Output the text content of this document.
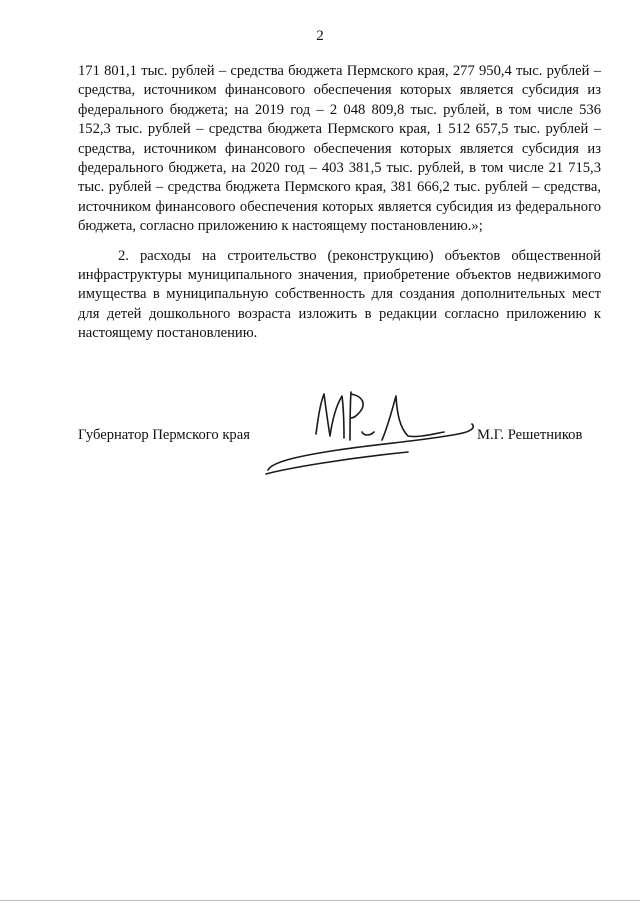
2

171 801,1 тыс. рублей – средства бюджета Пермского края, 277 950,4 тыс. рублей – средства, источником финансового обеспечения которых является субсидия из федерального бюджета; на 2019 год – 2 048 809,8 тыс. рублей, в том числе 536 152,3 тыс. рублей – средства бюджета Пермского края, 1 512 657,5 тыс. рублей – средства, источником финансового обеспечения которых является субсидия из федерального бюджета, на 2020 год – 403 381,5 тыс. рублей, в том числе 21 715,3 тыс. рублей – средства бюджета Пермского края, 381 666,2 тыс. рублей – средства, источником финансового обеспечения которых является субсидия из федерального бюджета, согласно приложению к настоящему постановлению.»;

2. расходы на строительство (реконструкцию) объектов общественной инфраструктуры муниципального значения, приобретение объектов недвижимого имущества в муниципальную собственность для создания дополнительных мест для детей дошкольного возраста изложить в редакции согласно приложению к настоящему постановлению.

Губернатор Пермского края	М.Г. Решетников
